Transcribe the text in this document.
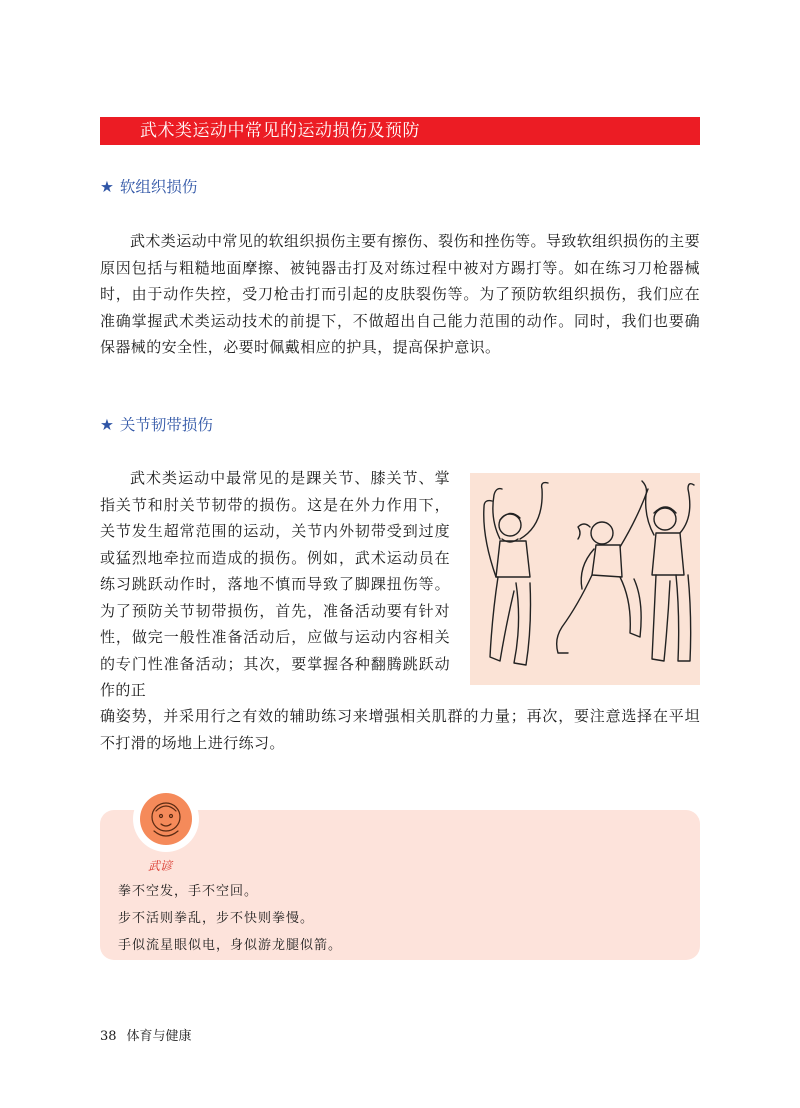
武术类运动中常见的运动损伤及预防
★ 软组织损伤

武术类运动中常见的软组织损伤主要有擦伤、裂伤和挫伤等。导致软组织损伤的主要原因包括与粗糙地面摩擦、被钝器击打及对练过程中被对方踢打等。如在练习刀枪器械时，由于动作失控，受刀枪击打而引起的皮肤裂伤等。为了预防软组织损伤，我们应在准确掌握武术类运动技术的前提下，不做超出自己能力范围的动作。同时，我们也要确保器械的安全性，必要时佩戴相应的护具，提高保护意识。

★ 关节韧带损伤

武术类运动中最常见的是踝关节、膝关节、掌指关节和肘关节韧带的损伤。这是在外力作用下，关节发生超常范围的运动，关节内外韧带受到过度或猛烈地牵拉而造成的损伤。例如，武术运动员在练习跳跃动作时，落地不慎而导致了脚踝扭伤等。为了预防关节韧带损伤，首先，准备活动要有针对性，做完一般性准备活动后，应做与运动内容相关的专门性准备活动；其次，要掌握各种翻腾跳跃动作的正

确姿势，并采用行之有效的辅助练习来增强相关肌群的力量；再次，要注意选择在平坦不打滑的场地上进行练习。

武谚
拳不空发，手不空回。
步不活则拳乱，步不快则拳慢。
手似流星眼似电，身似游龙腿似箭。
38 体育与健康
